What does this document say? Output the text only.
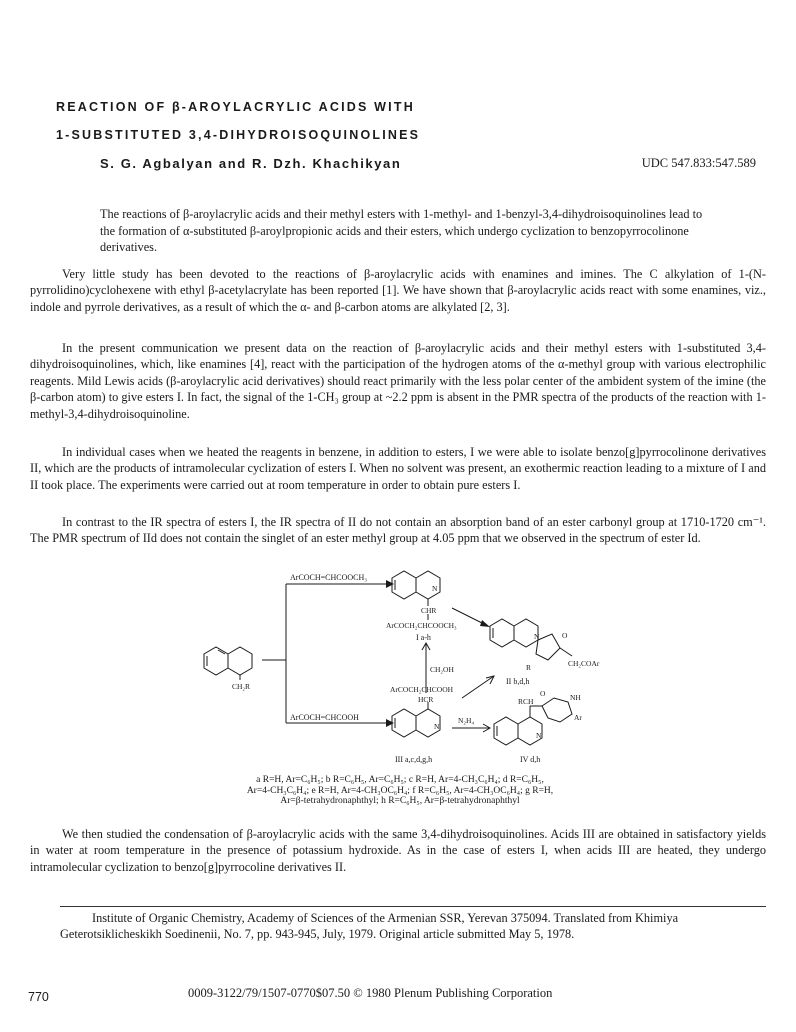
REACTION OF β-AROYLACRYLIC ACIDS WITH
1-SUBSTITUTED 3,4-DIHYDROISOQUINOLINES
S. G. Agbalyan and R. Dzh. Khachikyan	UDC 547.833:547.589
The reactions of β-aroylacrylic acids and their methyl esters with 1-methyl- and 1-benzyl-3,4-dihydroisoquinolines lead to the formation of α-substituted β-aroylpropionic acids and their esters, which undergo cyclization to benzopyrrocolinone derivatives.
Very little study has been devoted to the reactions of β-aroylacrylic acids with enamines and imines. The C alkylation of 1-(N-pyrrolidino)cyclohexene with ethyl β-acetylacrylate has been reported [1]. We have shown that β-aroylacrylic acids react with some enamines, viz., indole and pyrrole derivatives, as a result of which the α- and β-carbon atoms are alkylated [2, 3].
In the present communication we present data on the reaction of β-aroylacrylic acids and their methyl esters with 1-substituted 3,4-dihydroisoquinolines, which, like enamines [4], react with the participation of the hydrogen atoms of the α-methyl group with various electrophilic reagents. Mild Lewis acids (β-aroylacrylic acid derivatives) should react primarily with the less polar center of the ambident system of the imine (the β-carbon atom) to give esters I. In fact, the signal of the 1-CH₃ group at ~2.2 ppm is absent in the PMR spectra of the products of the reaction with 1-methyl-3,4-dihydroisoquinoline.
In individual cases when we heated the reagents in benzene, in addition to esters, I we were able to isolate benzo[g]pyrrocolinone derivatives II, which are the products of intramolecular cyclization of esters I. When no solvent was present, an exothermic reaction leading to a mixture of I and II took place. The experiments were carried out at room temperature in order to obtain pure esters I.
In contrast to the IR spectra of esters I, the IR spectra of II do not contain an absorption band of an ester carbonyl group at 1710-1720 cm⁻¹. The PMR spectrum of IId does not contain the singlet of an ester methyl group at 4.05 ppm that we observed in the spectrum of ester Id.
ArCOCH=CHCOOCH₃
ArCOCH=CHCOOH
CH₂R
N
CHR
ArCOCH₂CHCOOCH₃
I a-h
CH₂OH
ArCOCH₂CHCOOH
HCR
N
III a,c,d,g,h
N₂H₄
N	O
R	CH₂COAr
II b,d,h
O	NH
Ar
RCH
N
IV d,h
a R=H, Ar=C₆H₅; b R=C₆H₅, Ar=C₆H₅; c R=H, Ar=4-CH₃C₆H₄; d R=C₆H₅,
Ar=4-CH₃C₆H₄; e R=H, Ar=4-CH₃OC₆H₄; f R=C₆H₅, Ar=4-CH₃OC₆H₄; g R=H,
Ar=β-tetrahydronaphthyl; h R=C₆H₅, Ar=β-tetrahydronaphthyl
We then studied the condensation of β-aroylacrylic acids with the same 3,4-dihydroisoquinolines. Acids III are obtained in satisfactory yields in water at room temperature in the presence of potassium hydroxide. As in the case of esters I, when acids III are heated, they undergo intramolecular cyclization to benzo[g]pyrrocoline derivatives II.
Institute of Organic Chemistry, Academy of Sciences of the Armenian SSR, Yerevan 375094. Translated from Khimiya Geterotsiklicheskikh Soedinenii, No. 7, pp. 943-945, July, 1979. Original article submitted May 5, 1978.
770	0009-3122/79/1507-0770$07.50 © 1980 Plenum Publishing Corporation
